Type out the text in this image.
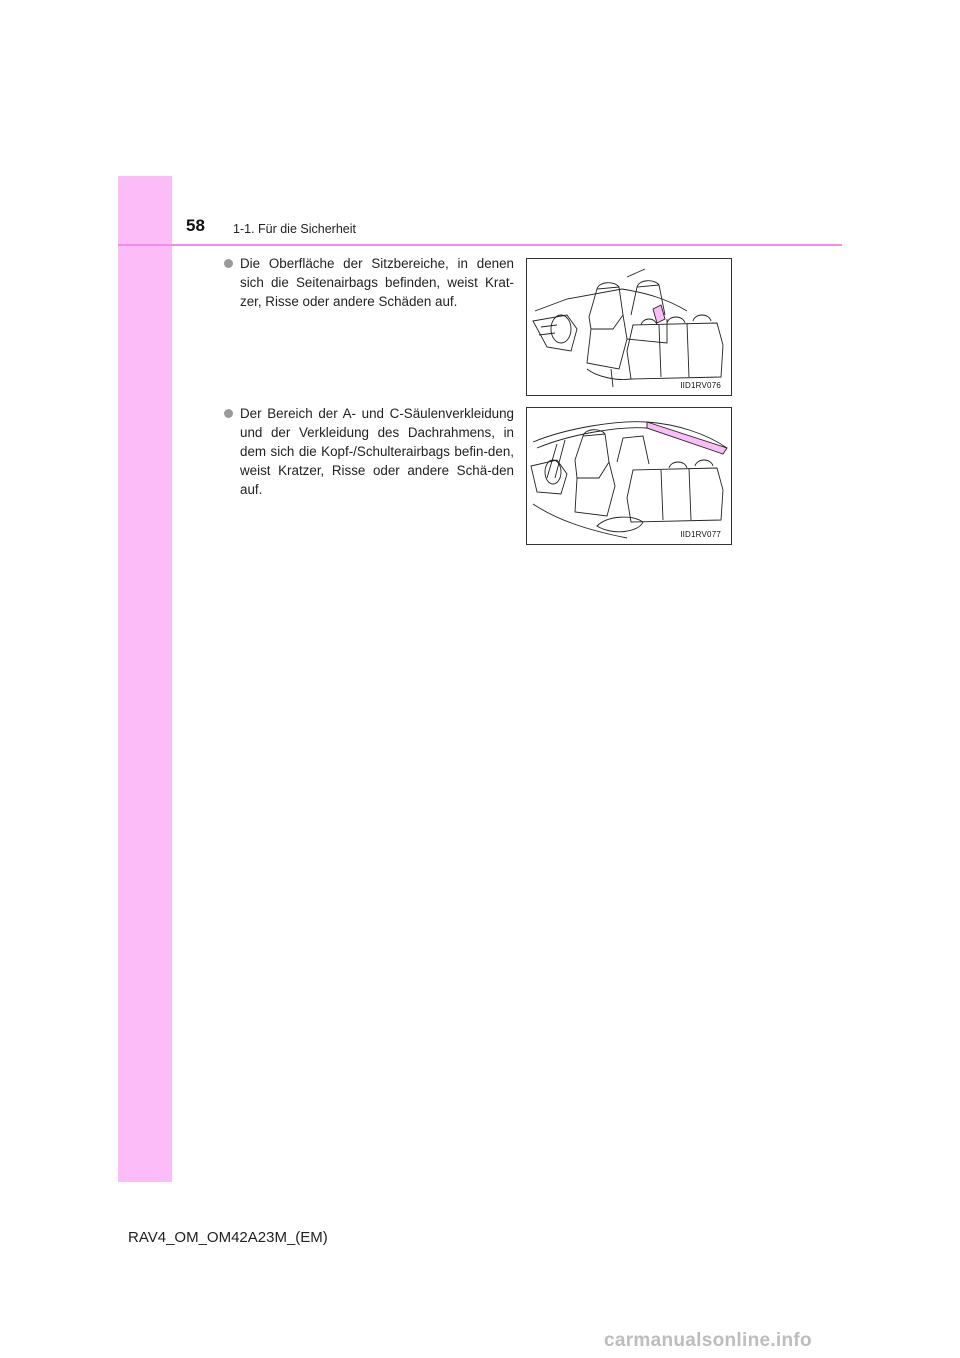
58 1-1. Für die Sicherheit
Die Oberfläche der Sitzbereiche, in denen sich die Seitenairbags befinden, weist Krat-zer, Risse oder andere Schäden auf.
IID1RV076
Der Bereich der A- und C-Säulenverkleidung und der Verkleidung des Dachrahmens, in dem sich die Kopf-/Schulterairbags befin-den, weist Kratzer, Risse oder andere Schä-den auf.
IID1RV077
RAV4_OM_OM42A23M_(EM)
carmanualsonline.info
